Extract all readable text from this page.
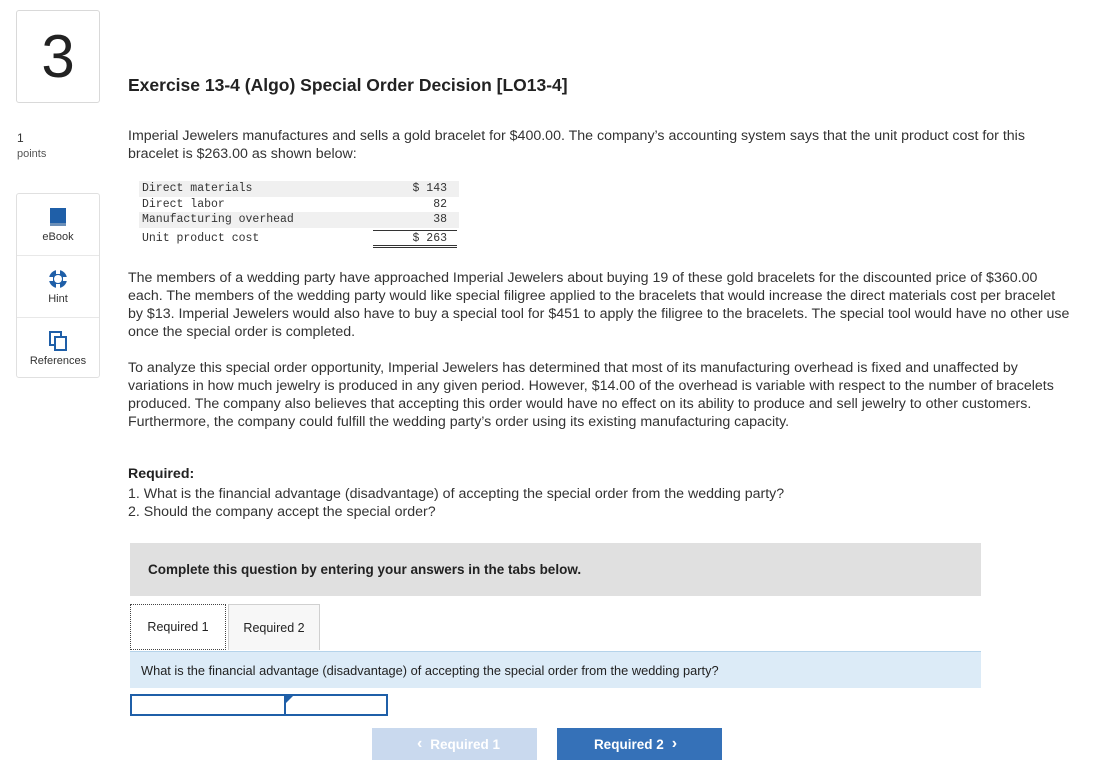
3
1
points
eBook
Hint
References
Exercise 13-4 (Algo) Special Order Decision [LO13-4]
Imperial Jewelers manufactures and sells a gold bracelet for $400.00. The company’s accounting system says that the unit product cost for this bracelet is $263.00 as shown below:
Direct materials	$ 143
Direct labor	82
Manufacturing overhead	38
Unit product cost	$ 263
The members of a wedding party have approached Imperial Jewelers about buying 19 of these gold bracelets for the discounted price of $360.00 each. The members of the wedding party would like special filigree applied to the bracelets that would increase the direct materials cost per bracelet by $13. Imperial Jewelers would also have to buy a special tool for $451 to apply the filigree to the bracelets. The special tool would have no other use once the special order is completed.
To analyze this special order opportunity, Imperial Jewelers has determined that most of its manufacturing overhead is fixed and unaffected by variations in how much jewelry is produced in any given period. However, $14.00 of the overhead is variable with respect to the number of bracelets produced. The company also believes that accepting this order would have no effect on its ability to produce and sell jewelry to other customers. Furthermore, the company could fulfill the wedding party’s order using its existing manufacturing capacity.
Required:
1. What is the financial advantage (disadvantage) of accepting the special order from the wedding party?
2. Should the company accept the special order?
Complete this question by entering your answers in the tabs below.
Required 1	Required 2
What is the financial advantage (disadvantage) of accepting the special order from the wedding party?
‹ Required 1	Required 2 ›
